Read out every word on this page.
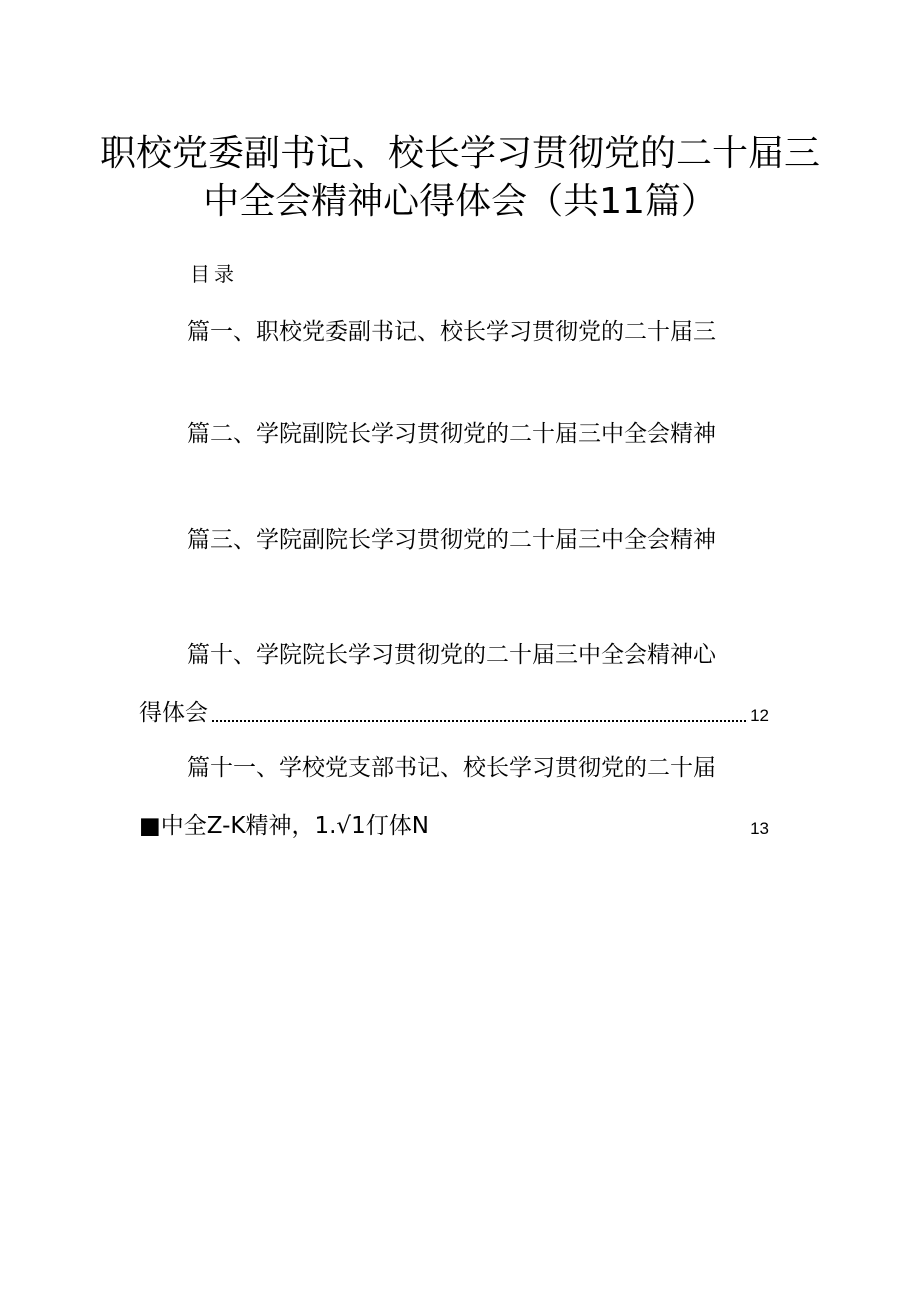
职校党委副书记、校长学习贯彻党的二十届三
中全会精神心得体会（共11篇）
目录
篇一、职校党委副书记、校长学习贯彻党的二十届三
篇二、学院副院长学习贯彻党的二十届三中全会精神
篇三、学院副院长学习贯彻党的二十届三中全会精神
篇十、学院院长学习贯彻党的二十届三中全会精神心
得体会	12
篇十一、学校党支部书记、校长学习贯彻党的二十届
■中全Z-K精神，1.√1仃体N	13
